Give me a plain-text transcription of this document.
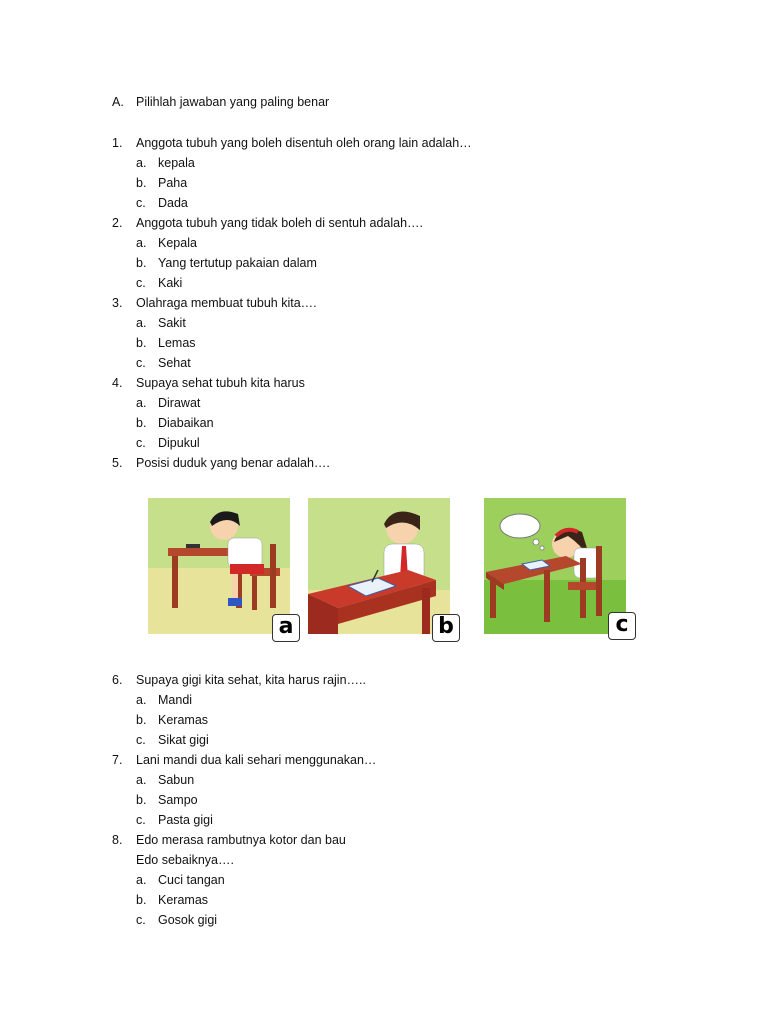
A. Pilihlah jawaban yang paling benar
1.	Anggota tubuh yang boleh disentuh oleh orang lain adalah…
a. kepala
b. Paha
c. Dada
2.	Anggota tubuh yang tidak boleh di sentuh adalah….
a. Kepala
b. Yang tertutup pakaian dalam
c. Kaki
3.	Olahraga membuat tubuh kita….
a. Sakit
b. Lemas
c. Sehat
4.	Supaya sehat tubuh kita harus
a. Dirawat
b. Diabaikan
c. Dipukul
5.	Posisi duduk yang benar adalah….
a	b	c
6.	Supaya gigi kita sehat, kita harus rajin…..
a. Mandi
b. Keramas
c. Sikat gigi
7.	Lani mandi dua kali sehari menggunakan…
a. Sabun
b. Sampo
c. Pasta gigi
8.	Edo merasa rambutnya kotor dan bau
Edo sebaiknya….
a. Cuci tangan
b. Keramas
c. Gosok gigi
